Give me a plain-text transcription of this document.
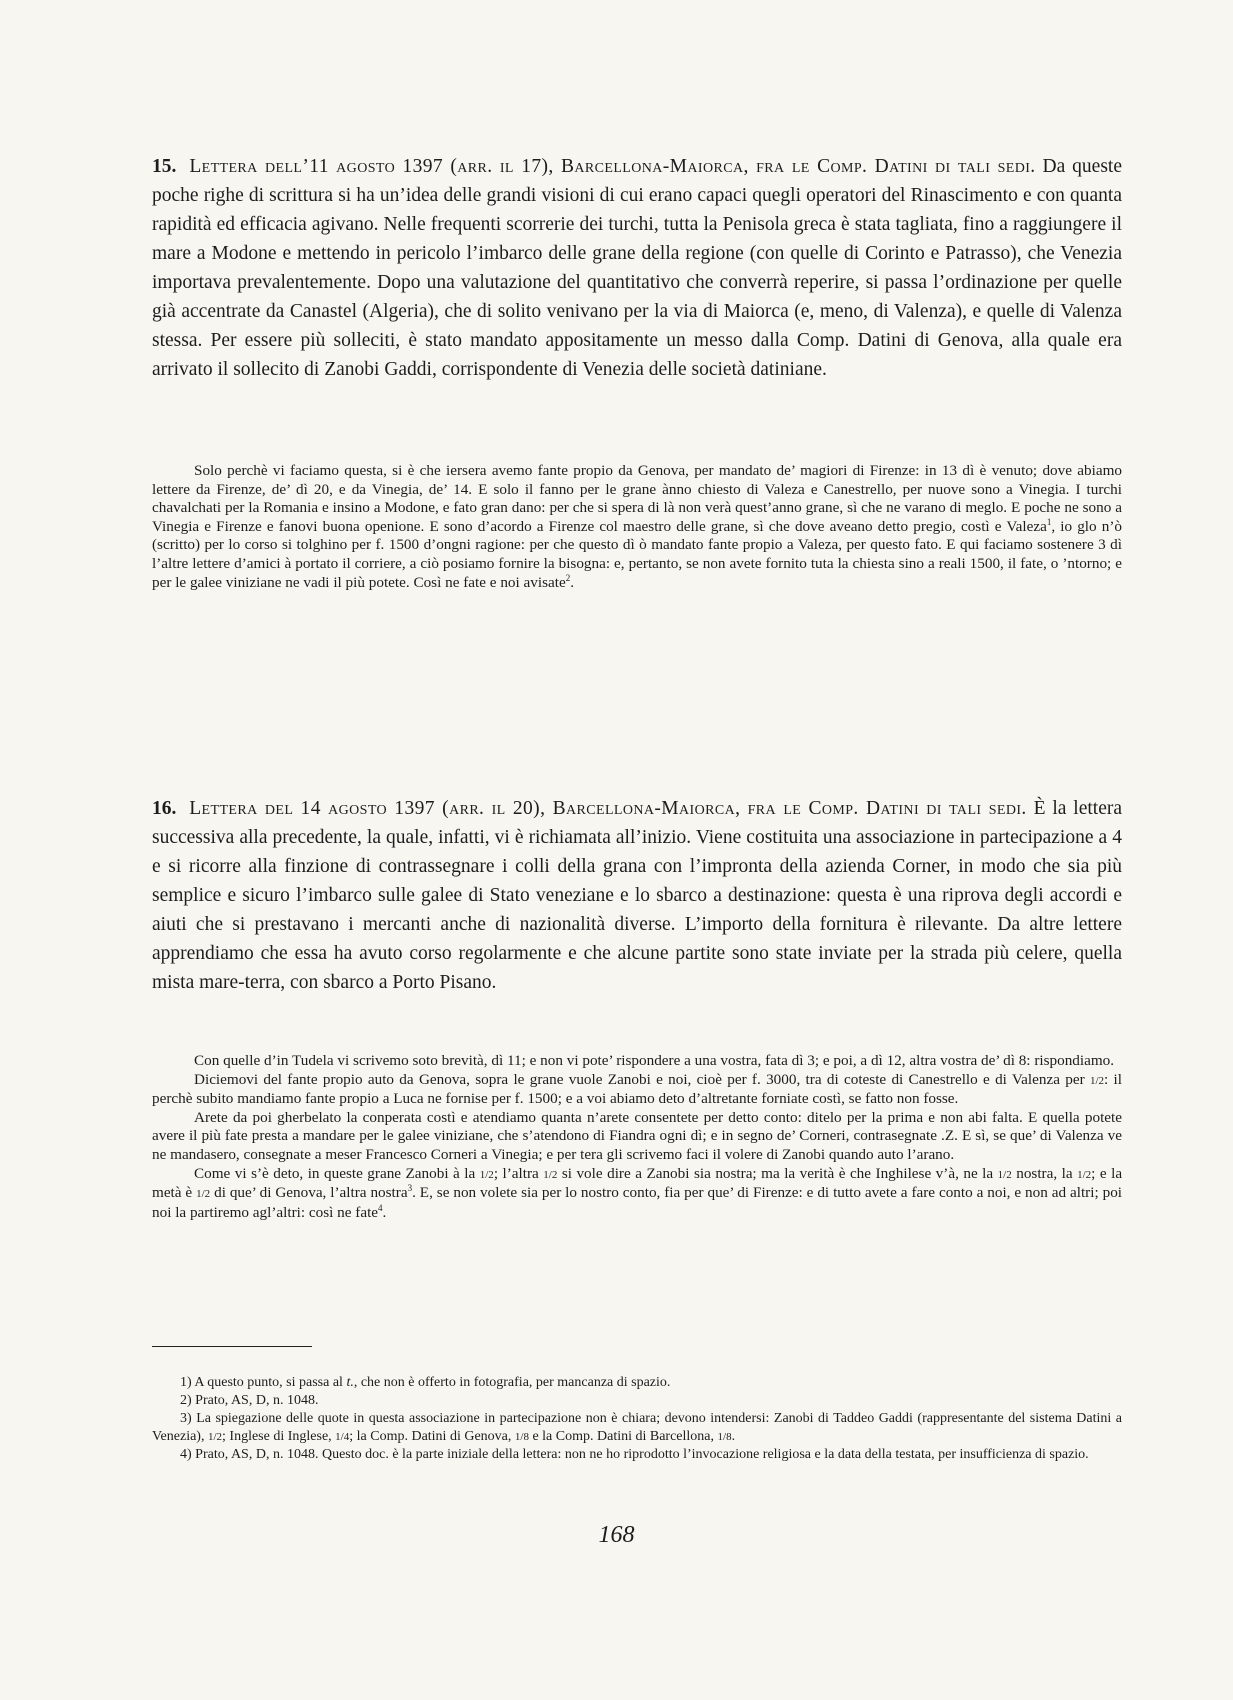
15. Lettera dell’11 agosto 1397 (arr. il 17), Barcellona-Maiorca, fra le Comp. Datini di tali sedi. Da queste poche righe di scrittura si ha un’idea delle grandi visioni di cui erano capaci quegli operatori del Rinascimento e con quanta rapidità ed efficacia agivano. Nelle frequenti scorrerie dei turchi, tutta la Penisola greca è stata tagliata, fino a raggiungere il mare a Modone e mettendo in pericolo l’imbarco delle grane della regione (con quelle di Corinto e Patrasso), che Venezia importava prevalentemente. Dopo una valutazione del quantitativo che converrà reperire, si passa l’ordinazione per quelle già accentrate da Canastel (Algeria), che di solito venivano per la via di Maiorca (e, meno, di Valenza), e quelle di Valenza stessa. Per essere più solleciti, è stato mandato appositamente un messo dalla Comp. Datini di Genova, alla quale era arrivato il sollecito di Zanobi Gaddi, corrispondente di Venezia delle società datiniane.

Solo perchè vi faciamo questa, si è che iersera avemo fante propio da Genova, per mandato de’ magiori di Firenze: in 13 dì è venuto; dove abiamo lettere da Firenze, de’ dì 20, e da Vinegia, de’ 14. E solo il fanno per le grane ànno chiesto di Valeza e Canestrello, per nuove sono a Vinegia. I turchi chavalchati per la Romania e insino a Modone, e fato gran dano: per che si spera di là non verà quest’anno grane, sì che ne varano di meglo. E poche ne sono a Vinegia e Firenze e fanovi buona openione. E sono d’acordo a Firenze col maestro delle grane, sì che dove aveano detto pregio, costì e Valeza$^1$, io glo n’ò (scritto) per lo corso si tolghino per f. 1500 d’ongni ragione: per che questo dì ò mandato fante propio a Valeza, per questo fato. E qui faciamo sostenere 3 dì l’altre lettere d’amici à portato il corriere, a ciò posiamo fornire la bisogna: e, pertanto, se non avete fornito tuta la chiesta sino a reali 1500, il fate, o ’ntorno; e per le galee viniziane ne vadi il più potete. Così ne fate e noi avisate$^2$.

16. Lettera del 14 agosto 1397 (arr. il 20), Barcellona-Maiorca, fra le Comp. Datini di tali sedi. È la lettera successiva alla precedente, la quale, infatti, vi è richiamata all’inizio. Viene costituita una associazione in partecipazione a 4 e si ricorre alla finzione di contrassegnare i colli della grana con l’impronta della azienda Corner, in modo che sia più semplice e sicuro l’imbarco sulle galee di Stato veneziane e lo sbarco a destinazione: questa è una riprova degli accordi e aiuti che si prestavano i mercanti anche di nazionalità diverse. L’importo della fornitura è rilevante. Da altre lettere apprendiamo che essa ha avuto corso regolarmente e che alcune partite sono state inviate per la strada più celere, quella mista mare-terra, con sbarco a Porto Pisano.

Con quelle d’in Tudela vi scrivemo soto brevità, dì 11; e non vi pote’ rispondere a una vostra, fata dì 3; e poi, a dì 12, altra vostra de’ dì 8: rispondiamo.

Diciemovi del fante propio auto da Genova, sopra le grane vuole Zanobi e noi, cioè per f. 3000, tra di coteste di Canestrello e di Valenza per 1/2: il perchè subito mandiamo fante propio a Luca ne fornise per f. 1500; e a voi abiamo deto d’altretante forniate costì, se fatto non fosse.

Arete da poi gherbelato la conperata costì e atendiamo quanta n’arete consentete per detto conto: ditelo per la prima e non abi falta. E quella potete avere il più fate presta a mandare per le galee viniziane, che s’atendono di Fiandra ogni dì; e in segno de’ Corneri, contrasegnate .Z. E sì, se que’ di Valenza ve ne mandasero, consegnate a meser Francesco Corneri a Vinegia; e per tera gli scrivemo faci il volere di Zanobi quando auto l’arano.

Come vi s’è deto, in queste grane Zanobi à la 1/2; l’altra 1/2 si vole dire a Zanobi sia nostra; ma la verità è che Inghilese v’à, ne la 1/2 nostra, la 1/2; e la metà è 1/2 di que’ di Genova, l’altra nostra$^3$. E, se non volete sia per lo nostro conto, fia per que’ di Firenze: e di tutto avete a fare conto a noi, e non ad altri; poi noi la partiremo agl’altri: così ne fate$^4$.

1) A questo punto, si passa al t., che non è offerto in fotografia, per mancanza di spazio.

2) Prato, AS, D, n. 1048.

3) La spiegazione delle quote in questa associazione in partecipazione non è chiara; devono intendersi: Zanobi di Taddeo Gaddi (rappresentante del sistema Datini a Venezia), 1/2; Inglese di Inglese, 1/4; la Comp. Datini di Genova, 1/8 e la Comp. Datini di Barcellona, 1/8.

4) Prato, AS, D, n. 1048. Questo doc. è la parte iniziale della lettera: non ne ho riprodotto l’invocazione religiosa e la data della testata, per insufficienza di spazio.

168
